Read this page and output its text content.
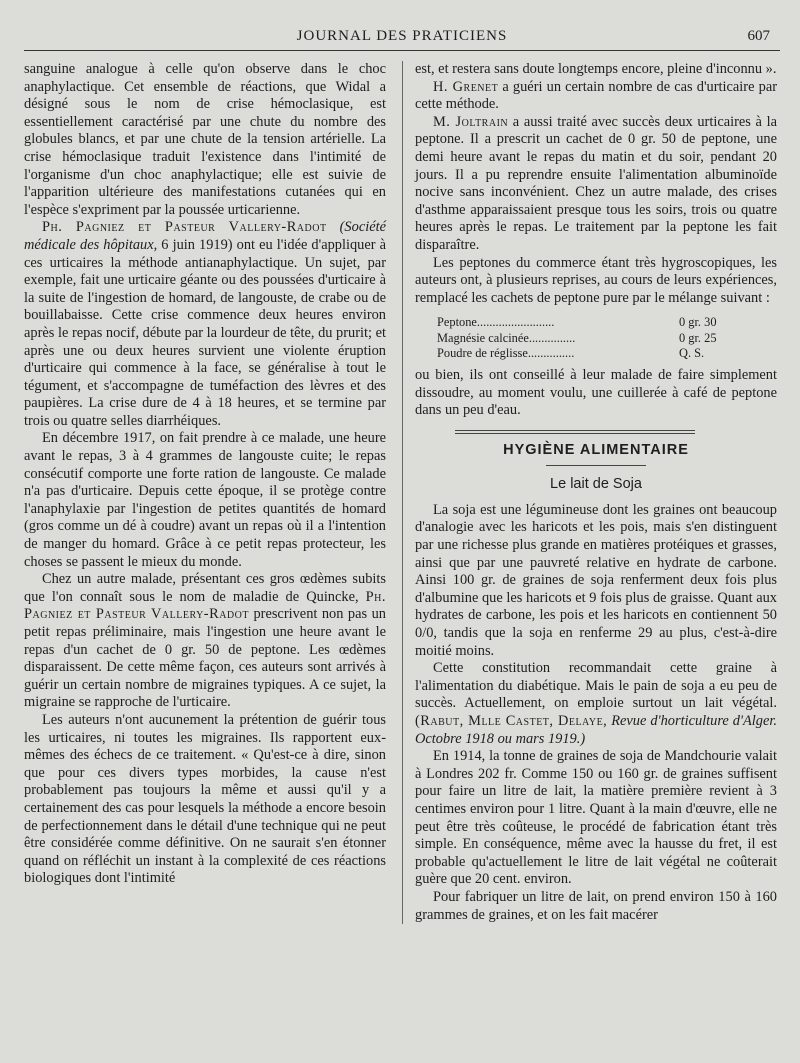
JOURNAL DES PRATICIENS	607

sanguine analogue à celle qu'on observe dans le choc anaphylactique. Cet ensemble de réactions, que Widal a désigné sous le nom de crise hémoclasique, est essentiellement caractérisé par une chute du nombre des globules blancs, et par une chute de la tension artérielle. La crise hémoclasique traduit l'existence dans l'intimité de l'organisme d'un choc anaphylactique; elle est suivie de l'apparition ultérieure des manifestations cutanées qui en l'espèce s'expriment par la poussée urticarienne.

Ph. Pagniez et Pasteur Vallery-Radot (Société médicale des hôpitaux, 6 juin 1919) ont eu l'idée d'appliquer à ces urticaires la méthode antianaphylactique. Un sujet, par exemple, fait une urticaire géante ou des poussées d'urticaire à la suite de l'ingestion de homard, de langouste, de crabe ou de bouillabaisse. Cette crise commence deux heures environ après le repas nocif, débute par la lourdeur de tête, du prurit; et après une ou deux heures survient une violente éruption d'urticaire qui commence à la face, se généralise à tout le tégument, et s'accompagne de tuméfaction des lèvres et des paupières. La crise dure de 4 à 18 heures, et se termine par trois ou quatre selles diarrhéiques.

En décembre 1917, on fait prendre à ce malade, une heure avant le repas, 3 à 4 grammes de langouste cuite; le repas consécutif comporte une forte ration de langouste. Ce malade n'a pas d'urticaire. Depuis cette époque, il se protège contre l'anaphylaxie par l'ingestion de petites quantités de homard (gros comme un dé à coudre) avant un repas où il a l'intention de manger du homard. Grâce à ce petit repas protecteur, les choses se passent le mieux du monde.

Chez un autre malade, présentant ces gros œdèmes subits que l'on connaît sous le nom de maladie de Quincke, Ph. Pagniez et Pasteur Vallery-Radot prescrivent non pas un petit repas préliminaire, mais l'ingestion une heure avant le repas d'un cachet de 0 gr. 50 de peptone. Les œdèmes disparaissent. De cette même façon, ces auteurs sont arrivés à guérir un certain nombre de migraines typiques. A ce sujet, la migraine se rapproche de l'urticaire.

Les auteurs n'ont aucunement la prétention de guérir tous les urticaires, ni toutes les migraines. Ils rapportent eux-mêmes des échecs de ce traitement. « Qu'est-ce à dire, sinon que pour ces divers types morbides, la cause n'est probablement pas toujours la même et aussi qu'il y a certainement des cas pour lesquels la méthode a encore besoin de perfectionnement dans le détail d'une technique qui ne peut être considérée comme définitive. On ne saurait s'en étonner quand on réfléchit un instant à la complexité de ces réactions biologiques dont l'intimité

est, et restera sans doute longtemps encore, pleine d'inconnu ».

H. Grenet a guéri un certain nombre de cas d'urticaire par cette méthode.

M. Joltrain a aussi traité avec succès deux urticaires à la peptone. Il a prescrit un cachet de 0 gr. 50 de peptone, une demi heure avant le repas du matin et du soir, pendant 20 jours. Il a pu reprendre ensuite l'alimentation albuminoïde nocive sans inconvénient. Chez un autre malade, des crises d'asthme apparaissaient presque tous les soirs, trois ou quatre heures après le repas. Le traitement par la peptone les fait disparaître.

Les peptones du commerce étant très hygroscopiques, les auteurs ont, à plusieurs reprises, au cours de leurs expériences, remplacé les cachets de peptone pure par le mélange suivant :

Peptone.........................	0 gr. 30
Magnésie calcinée...............	0 gr. 25
Poudre de réglisse...............	Q. S.

ou bien, ils ont conseillé à leur malade de faire simplement dissoudre, au moment voulu, une cuillerée à café de peptone dans un peu d'eau.

HYGIÈNE ALIMENTAIRE
Le lait de Soja

La soja est une légumineuse dont les graines ont beaucoup d'analogie avec les haricots et les pois, mais s'en distinguent par une richesse plus grande en matières protéiques et grasses, ainsi que par une pauvreté relative en hydrate de carbone. Ainsi 100 gr. de graines de soja renferment deux fois plus d'albumine que les haricots et 9 fois plus de graisse. Quant aux hydrates de carbone, les pois et les haricots en contiennent 50 0/0, tandis que la soja en renferme 29 au plus, c'est-à-dire moitié moins.

Cette constitution recommandait cette graine à l'alimentation du diabétique. Mais le pain de soja a eu peu de succès. Actuellement, on emploie surtout un lait végétal. (Rabut, Mlle Castet, Delaye, Revue d'horticulture d'Alger. Octobre 1918 ou mars 1919.)

En 1914, la tonne de graines de soja de Mandchourie valait à Londres 202 fr. Comme 150 ou 160 gr. de graines suffisent pour faire un litre de lait, la matière première revient à 3 centimes environ pour 1 litre. Quant à la main d'œuvre, elle ne peut être très coûteuse, le procédé de fabrication étant très simple. En conséquence, même avec la hausse du fret, il est probable qu'actuellement le litre de lait végétal ne coûterait guère que 20 cent. environ.

Pour fabriquer un litre de lait, on prend environ 150 à 160 grammes de graines, et on les fait macérer
